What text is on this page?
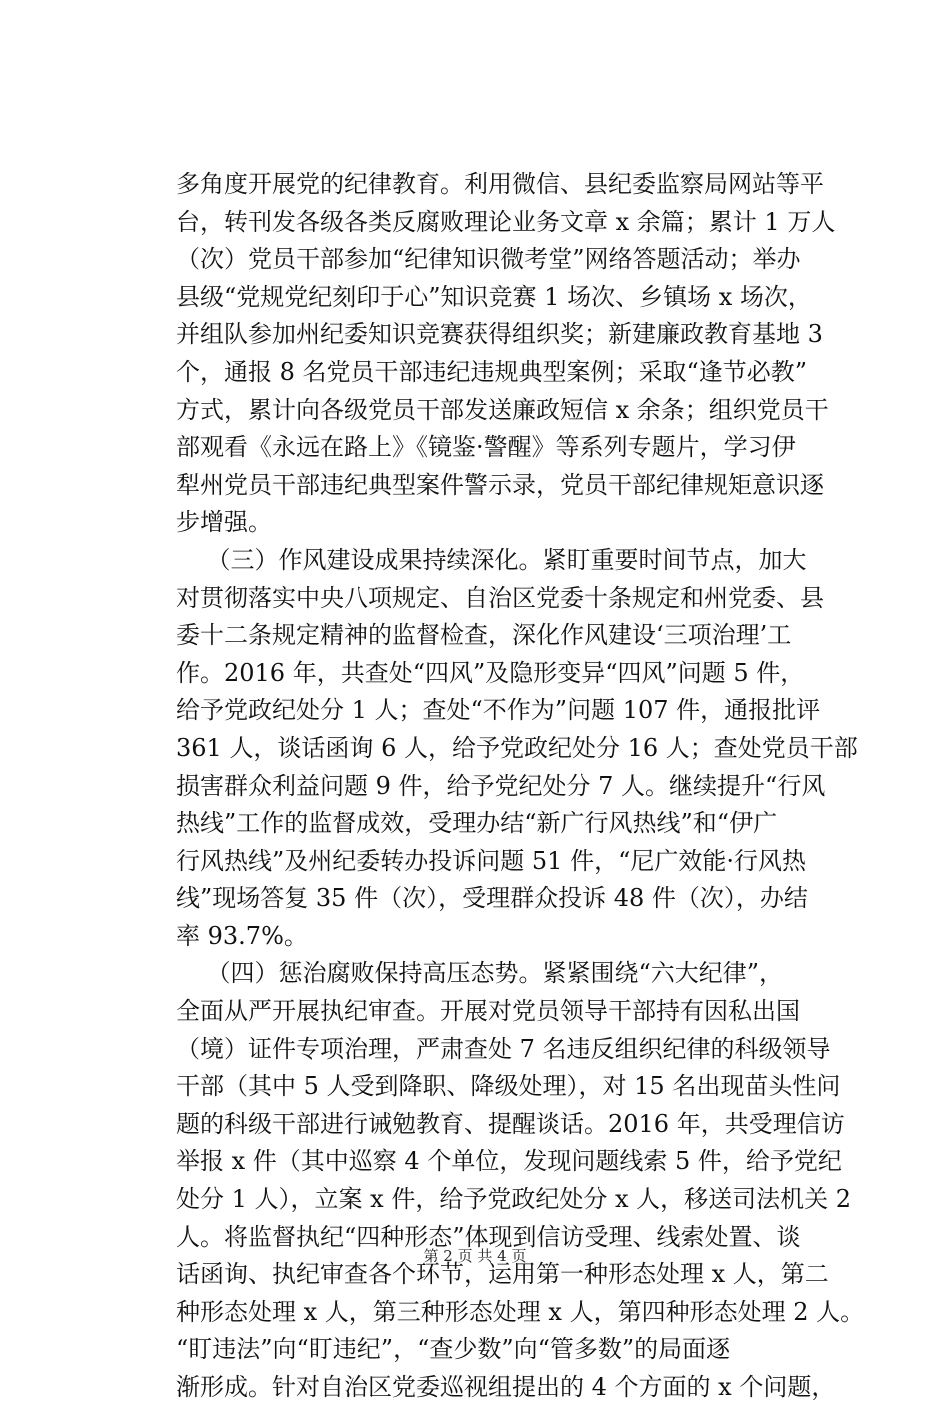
多角度开展党的纪律教育。利用微信、县纪委监察局网站等平
台，转刊发各级各类反腐败理论业务文章 x 余篇；累计 1 万人
（次）党员干部参加“纪律知识微考堂”网络答题活动；举办
县级“党规党纪刻印于心”知识竞赛 1 场次、乡镇场 x 场次，
并组队参加州纪委知识竞赛获得组织奖；新建廉政教育基地 3
个，通报 8 名党员干部违纪违规典型案例；采取“逢节必教”
方式，累计向各级党员干部发送廉政短信 x 余条；组织党员干
部观看《永远在路上》《镜鉴·警醒》等系列专题片，学习伊
犁州党员干部违纪典型案件警示录，党员干部纪律规矩意识逐
步增强。
（三）作风建设成果持续深化。紧盯重要时间节点，加大
对贯彻落实中央八项规定、自治区党委十条规定和州党委、县
委十二条规定精神的监督检查，深化作风建设‘三项治理’工
作。2016 年，共查处“四风”及隐形变异“四风”问题 5 件，
给予党政纪处分 1 人；查处“不作为”问题 107 件，通报批评
361 人，谈话函询 6 人，给予党政纪处分 16 人；查处党员干部
损害群众利益问题 9 件，给予党纪处分 7 人。继续提升“行风
热线”工作的监督成效，受理办结“新广行风热线”和“伊广
行风热线”及州纪委转办投诉问题 51 件，“尼广效能·行风热
线”现场答复 35 件（次），受理群众投诉 48 件（次），办结
率 93.7%。
（四）惩治腐败保持高压态势。紧紧围绕“六大纪律”，
全面从严开展执纪审查。开展对党员领导干部持有因私出国
（境）证件专项治理，严肃查处 7 名违反组织纪律的科级领导
干部（其中 5 人受到降职、降级处理），对 15 名出现苗头性问
题的科级干部进行诫勉教育、提醒谈话。2016 年，共受理信访
举报 x 件（其中巡察 4 个单位，发现问题线索 5 件，给予党纪
处分 1 人），立案 x 件，给予党政纪处分 x 人，移送司法机关 2
人。将监督执纪“四种形态”体现到信访受理、线索处置、谈
话函询、执纪审查各个环节，运用第一种形态处理 x 人，第二
种形态处理 x 人，第三种形态处理 x 人，第四种形态处理 2 人。
“盯违法”向“盯违纪”，“查少数”向“管多数”的局面逐
渐形成。针对自治区党委巡视组提出的 4 个方面的 x 个问题，
第 2 页 共 4 页
